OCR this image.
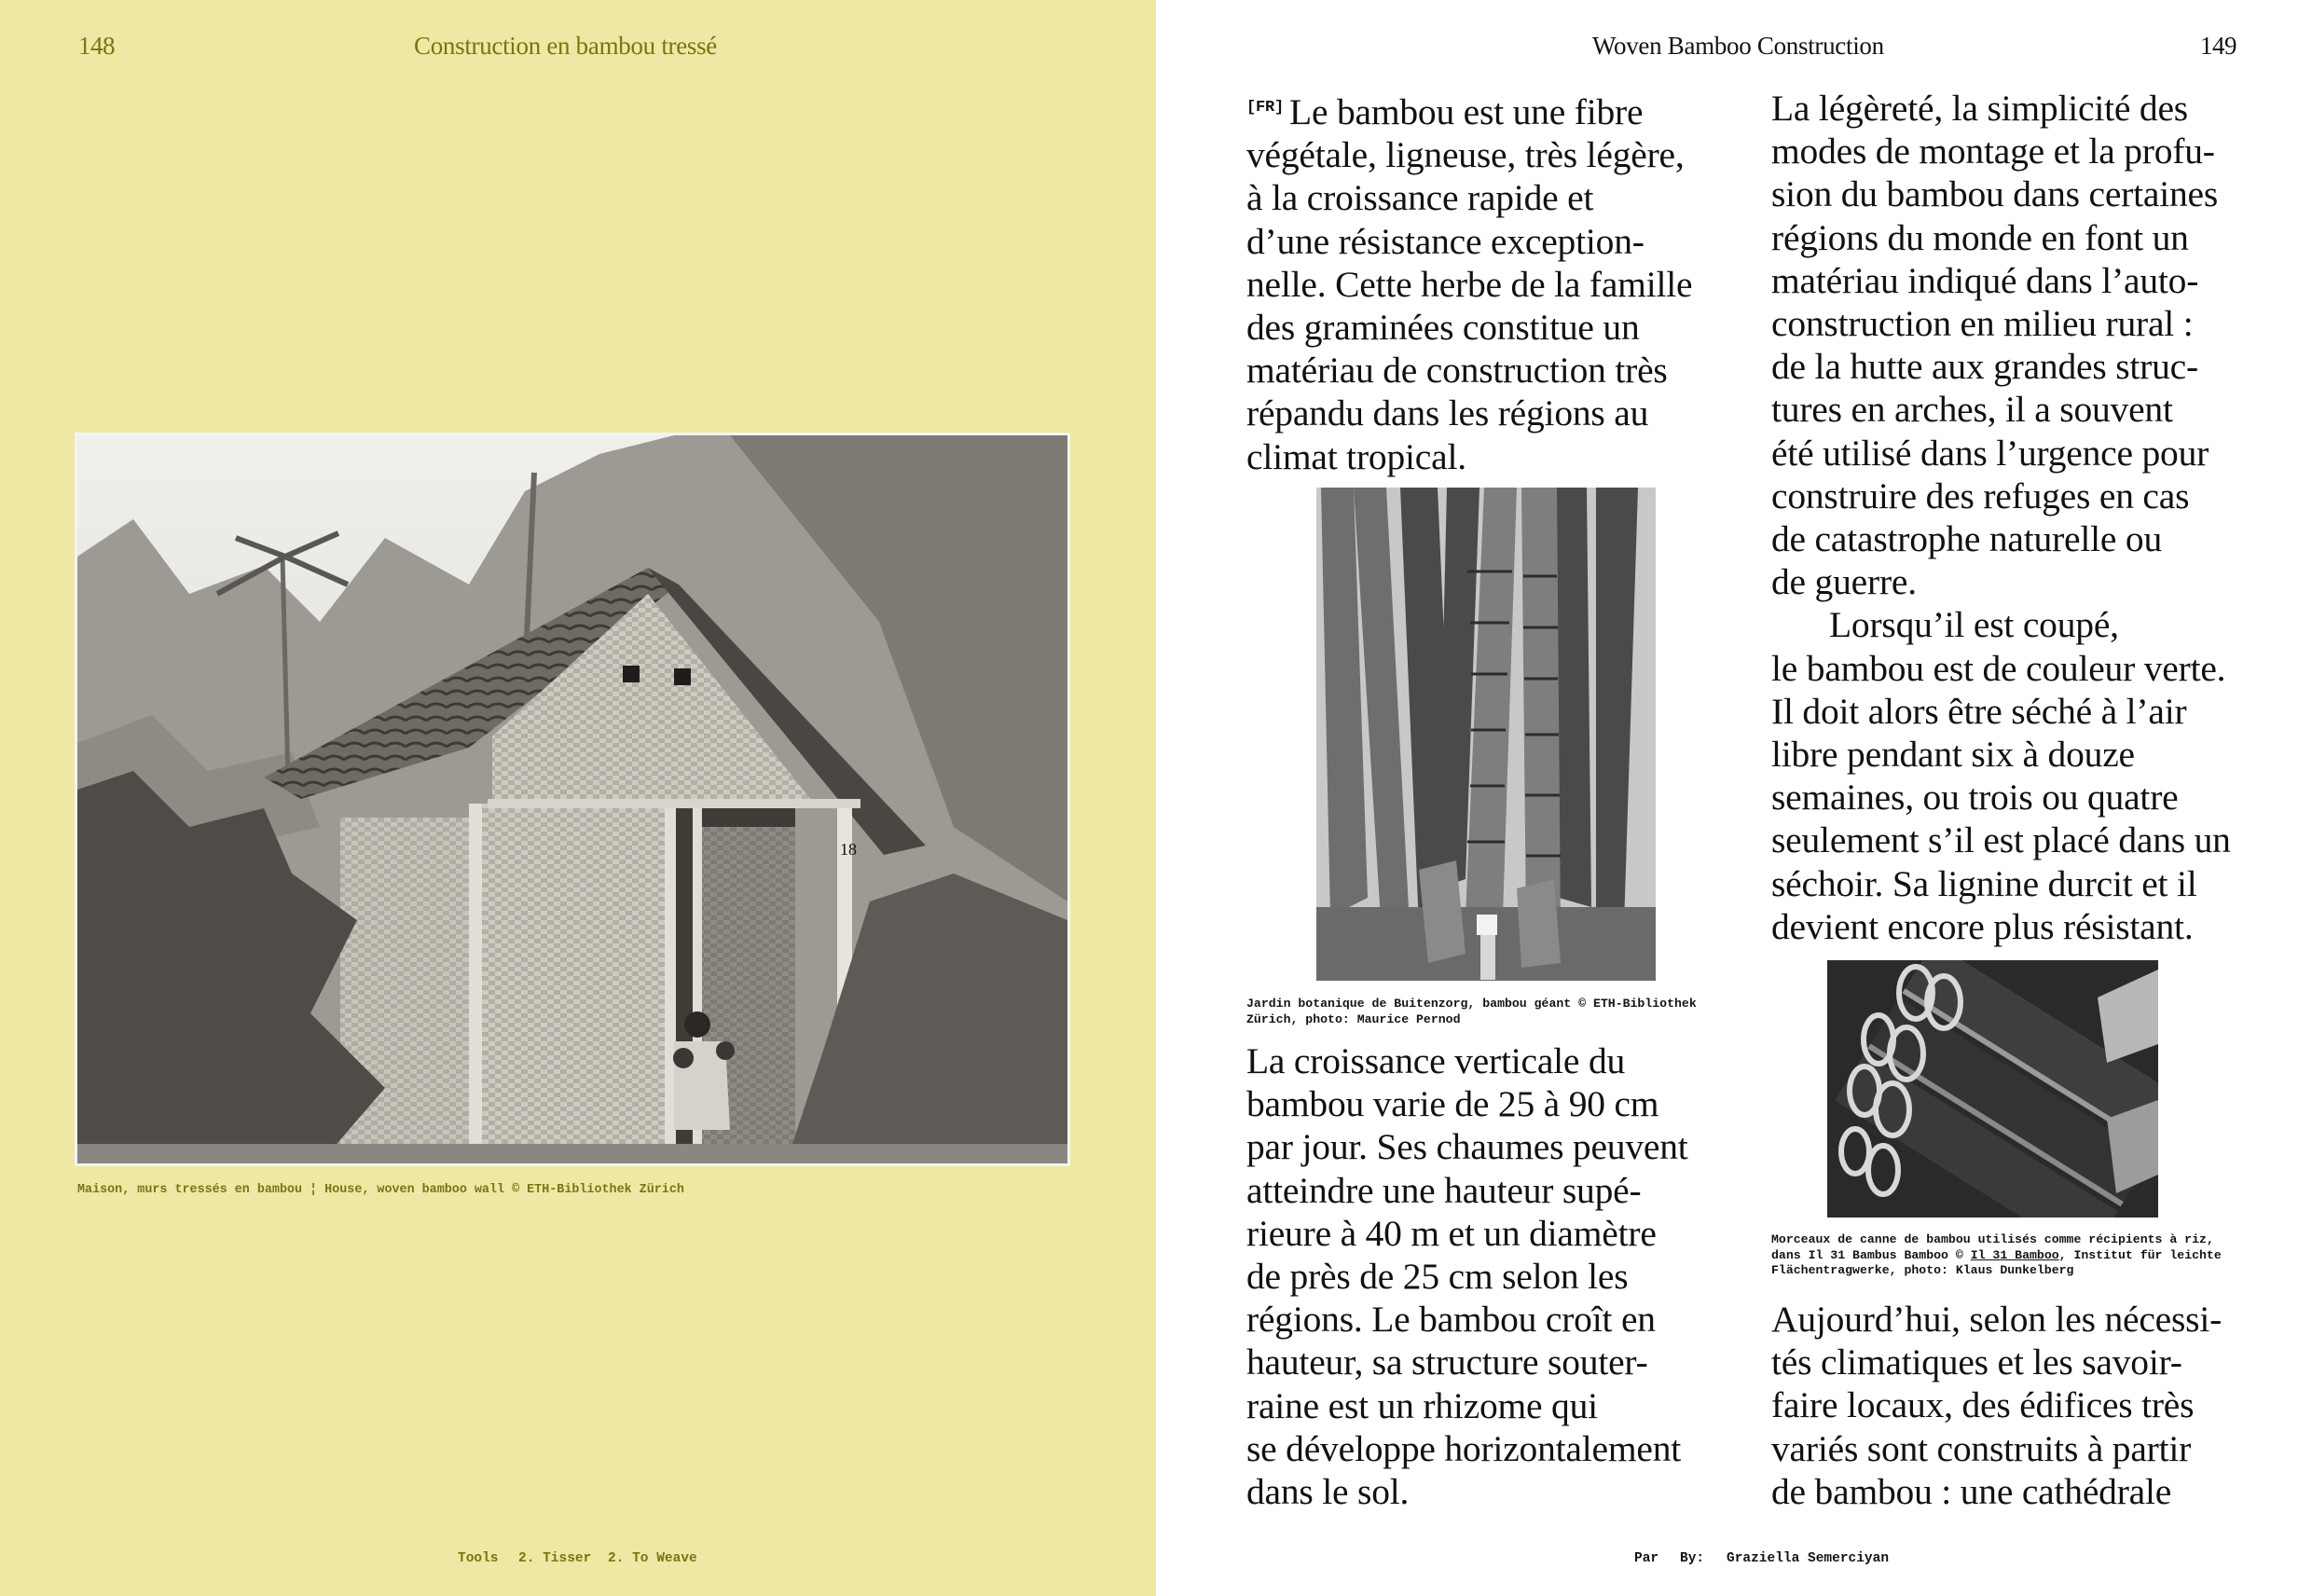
148	Construction en bambou tressé
18
Maison, murs tressés en bambou ¦ House, woven bamboo wall © ETH-Bibliothek Zürich
Tools 2. Tisser 2. To Weave
Woven Bamboo Construction	149
[FR] Le bambou est une fibre
végétale, ligneuse, très légère,
à la croissance rapide et
d’une résistance exception-
nelle. Cette herbe de la famille
des graminées constitue un
matériau de construction très
répandu dans les régions au
climat tropical.
Jardin botanique de Buitenzorg, bambou géant © ETH-Bibliothek
Zürich, photo: Maurice Pernod
La croissance verticale du
bambou varie de 25 à 90 cm
par jour. Ses chaumes peuvent
atteindre une hauteur supé-
rieure à 40 m et un diamètre
de près de 25 cm selon les
régions. Le bambou croît en
hauteur, sa structure souter-
raine est un rhizome qui
se développe horizontalement
dans le sol.
La légèreté, la simplicité des
modes de montage et la profu-
sion du bambou dans certaines
régions du monde en font un
matériau indiqué dans l’auto-
construction en milieu rural :
de la hutte aux grandes struc-
tures en arches, il a souvent
été utilisé dans l’urgence pour
construire des refuges en cas
de catastrophe naturelle ou
de guerre.
Lorsqu’il est coupé,
le bambou est de couleur verte.
Il doit alors être séché à l’air
libre pendant six à douze
semaines, ou trois ou quatre
seulement s’il est placé dans un
séchoir. Sa lignine durcit et il
devient encore plus résistant.
Morceaux de canne de bambou utilisés comme récipients à riz,
dans Il 31 Bambus Bamboo © Il 31 Bamboo, Institut für leichte
Flächentragwerke, photo: Klaus Dunkelberg
Aujourd’hui, selon les nécessi-
tés climatiques et les savoir-
faire locaux, des édifices très
variés sont construits à partir
de bambou : une cathédrale
Par By: Graziella Semerciyan
